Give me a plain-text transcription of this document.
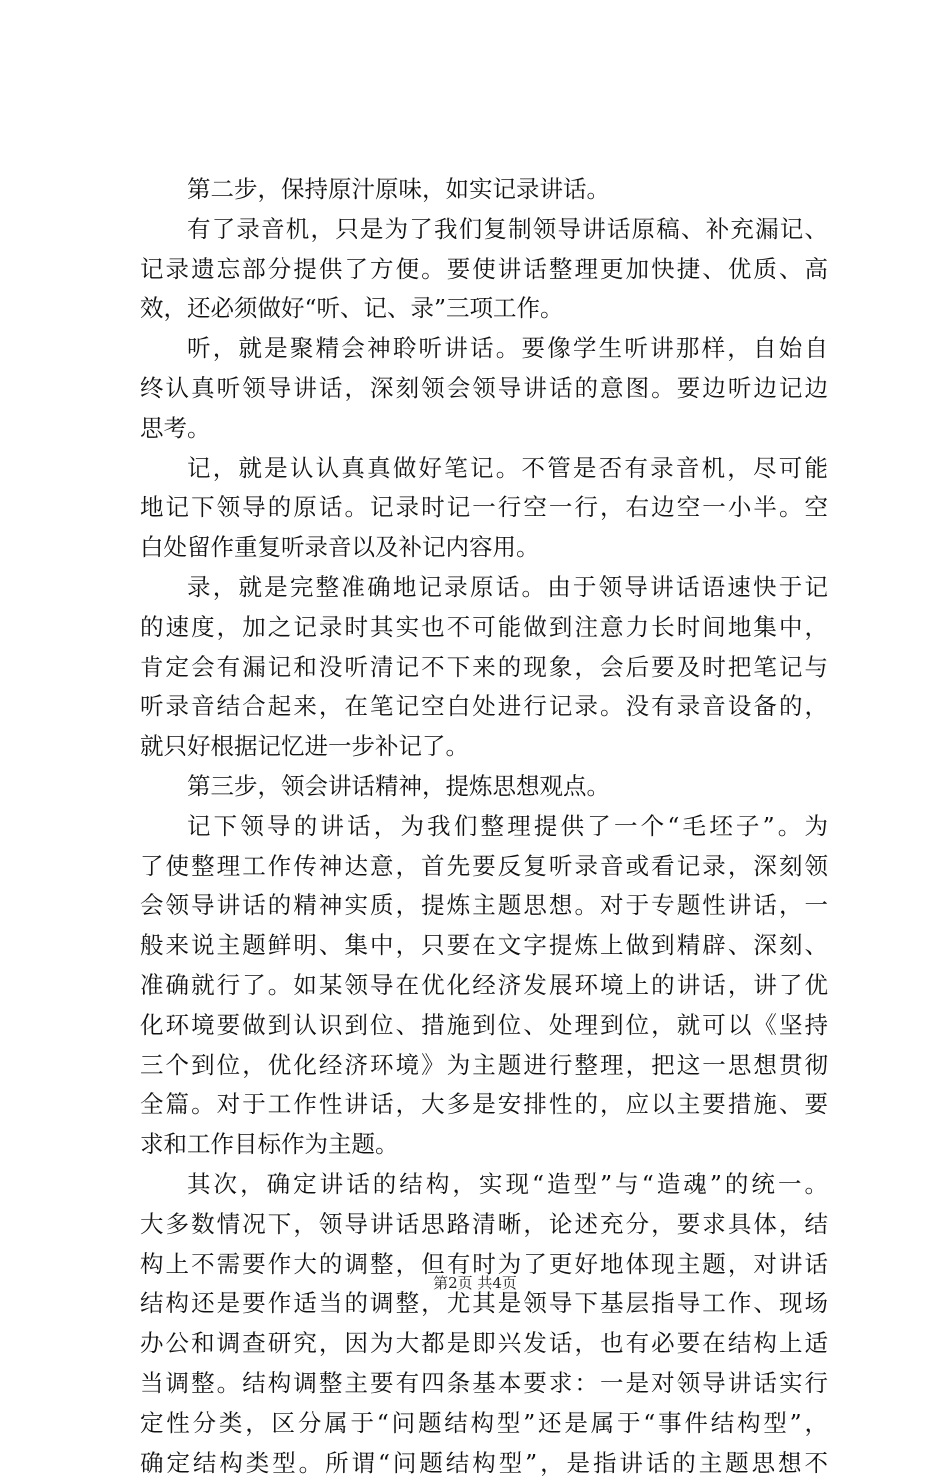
第二步，保持原汁原味，如实记录讲话。
有了录音机，只是为了我们复制领导讲话原稿、补充漏记、
记录遗忘部分提供了方便。要使讲话整理更加快捷、优质、高
效，还必须做好“听、记、录”三项工作。
听，就是聚精会神聆听讲话。要像学生听讲那样，自始自
终认真听领导讲话，深刻领会领导讲话的意图。要边听边记边
思考。
记，就是认认真真做好笔记。不管是否有录音机，尽可能
地记下领导的原话。记录时记一行空一行，右边空一小半。空
白处留作重复听录音以及补记内容用。
录，就是完整准确地记录原话。由于领导讲话语速快于记
的速度，加之记录时其实也不可能做到注意力长时间地集中，
肯定会有漏记和没听清记不下来的现象，会后要及时把笔记与
听录音结合起来，在笔记空白处进行记录。没有录音设备的，
就只好根据记忆进一步补记了。
第三步，领会讲话精神，提炼思想观点。
记下领导的讲话，为我们整理提供了一个“毛坯子”。为
了使整理工作传神达意，首先要反复听录音或看记录，深刻领
会领导讲话的精神实质，提炼主题思想。对于专题性讲话，一
般来说主题鲜明、集中，只要在文字提炼上做到精辟、深刻、
准确就行了。如某领导在优化经济发展环境上的讲话，讲了优
化环境要做到认识到位、措施到位、处理到位，就可以《坚持
三个到位，优化经济环境》为主题进行整理，把这一思想贯彻
全篇。对于工作性讲话，大多是安排性的，应以主要措施、要
求和工作目标作为主题。
其次，确定讲话的结构，实现“造型”与“造魂”的统一。
大多数情况下，领导讲话思路清晰，论述充分，要求具体，结
构上不需要作大的调整，但有时为了更好地体现主题，对讲话
结构还是要作适当的调整，尤其是领导下基层指导工作、现场
办公和调查研究，因为大都是即兴发话，也有必要在结构上适
当调整。结构调整主要有四条基本要求：一是对领导讲话实行
定性分类，区分属于“问题结构型”还是属于“事件结构型”，
确定结构类型。所谓“问题结构型”，是指讲话的主题思想不
第2页 共4页
